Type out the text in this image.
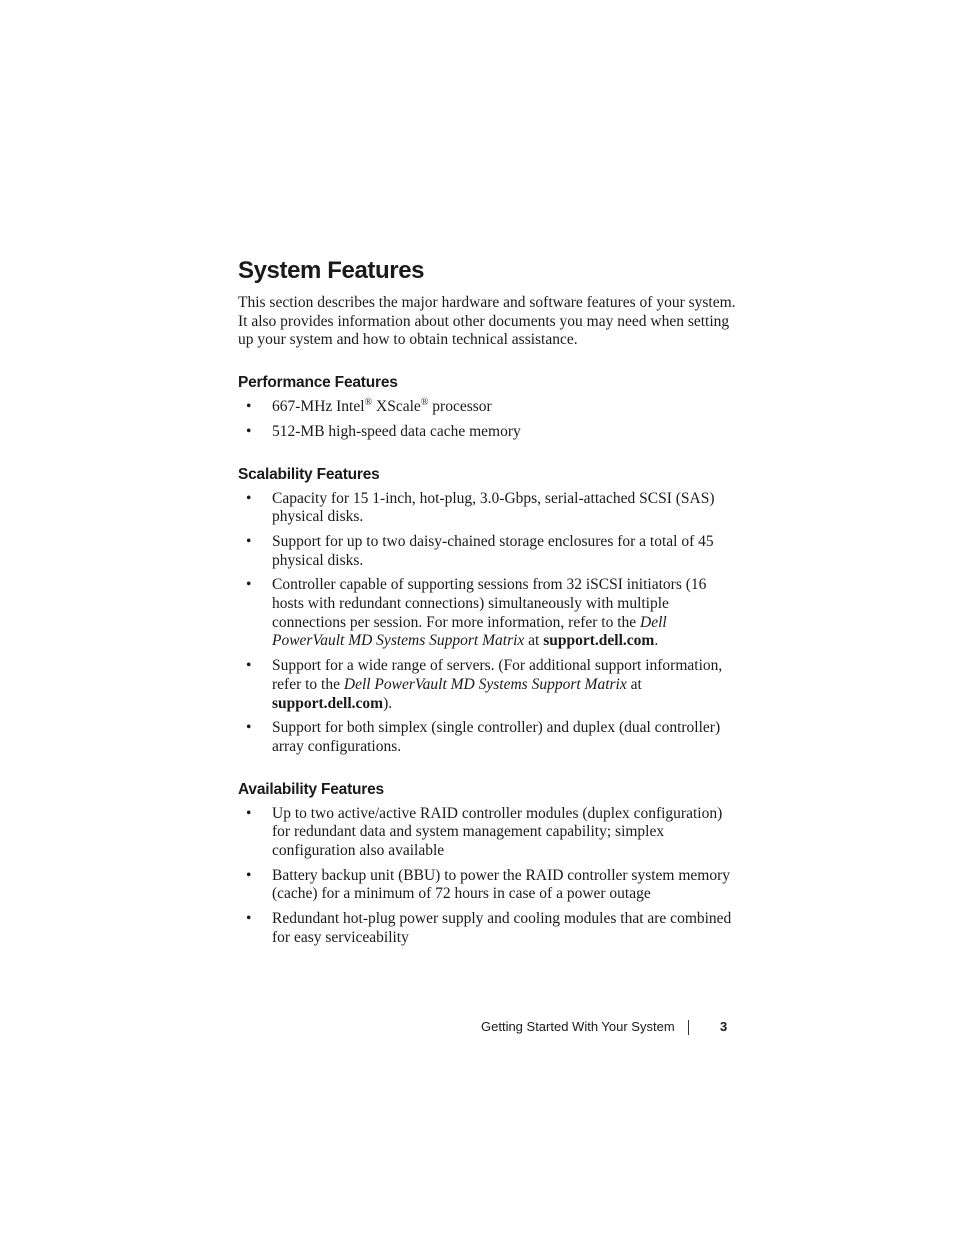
System Features

This section describes the major hardware and software features of your system. It also provides information about other documents you may need when setting up your system and how to obtain technical assistance.

Performance Features
• 667-MHz Intel® XScale® processor
• 512-MB high-speed data cache memory
Scalability Features
• Capacity for 15 1-inch, hot-plug, 3.0-Gbps, serial-attached SCSI (SAS) physical disks.
• Support for up to two daisy-chained storage enclosures for a total of 45 physical disks.
• Controller capable of supporting sessions from 32 iSCSI initiators (16 hosts with redundant connections) simultaneously with multiple connections per session. For more information, refer to the Dell PowerVault MD Systems Support Matrix at support.dell.com.
• Support for a wide range of servers. (For additional support information, refer to the Dell PowerVault MD Systems Support Matrix at
support.dell.com).
• Support for both simplex (single controller) and duplex (dual controller) array configurations.
Availability Features
• Up to two active/active RAID controller modules (duplex configuration) for redundant data and system management capability; simplex configuration also available
• Battery backup unit (BBU) to power the RAID controller system memory (cache) for a minimum of 72 hours in case of a power outage
• Redundant hot-plug power supply and cooling modules that are combined for easy serviceability
Getting Started With Your System	3
